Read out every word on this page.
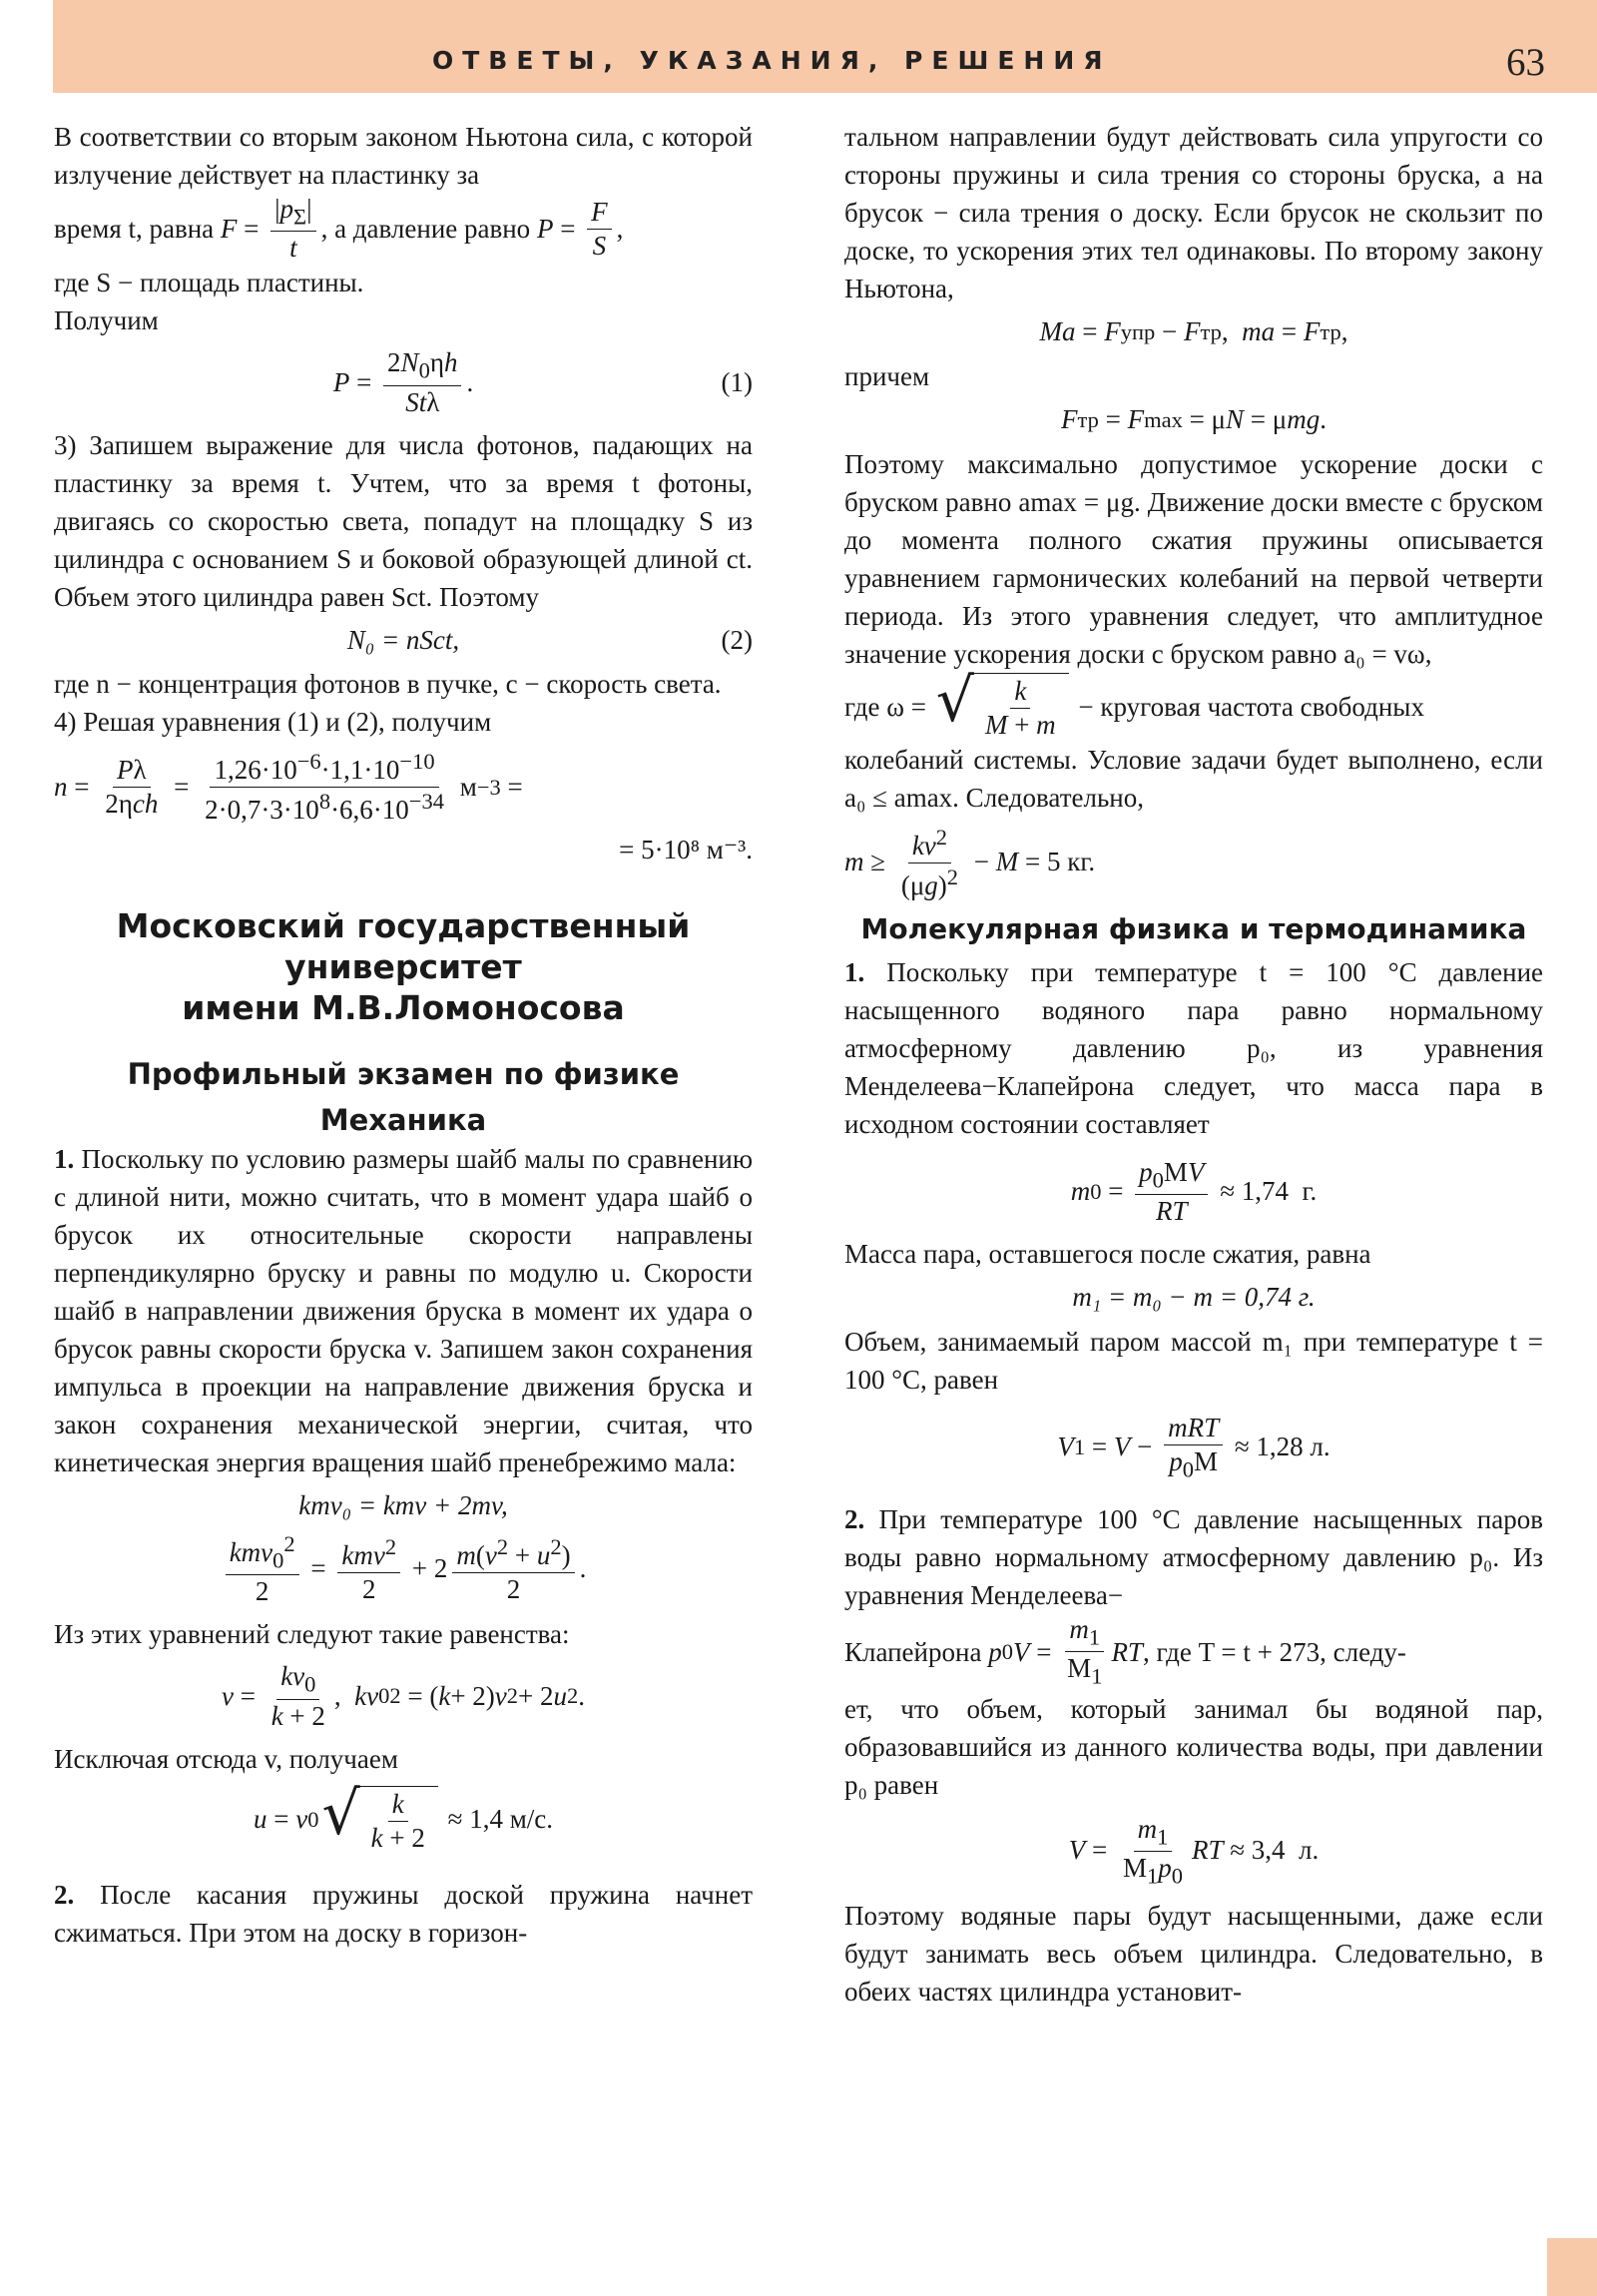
ОТВЕТЫ, УКАЗАНИЯ, РЕШЕНИЯ	63

В соответствии со вторым законом Ньютона сила, с которой излучение действует на пластинку за

время t, равна
$F = \frac{|p_\Sigma|}{t}$ , а давление равно
$P = \frac{F}{S}$ ,

где S − площадь пластины.

Получим

$P = \frac{2N_0\eta h}{\text{Stλ}}$ .	(1)

3) Запишем выражение для числа фотонов, падающих на пластинку за время t. Учтем, что за время t фотоны, двигаясь со скоростью света, попадут на площадку S из цилиндра с основанием S и боковой образующей длиной ct. Объем этого цилиндра равен Sct. Поэтому

N₀ = nSct,	(2)

где n − концентрация фотонов в пучке, c − скорость света.

4) Решая уравнения (1) и (2), получим

$n = \frac{P\lambda}{\text{2ηch}} = \frac{1,26\cdot 10^{-6}\cdot 1,1\cdot 10^{-10}}{2\cdot 0,7\cdot 3\cdot 10^8\cdot 6,6\cdot 10^{-34}}$ м −3 =
= 5·10⁸ м⁻³.
Московский государственный
университет
имени М.В.Ломоносова
Профильный экзамен по физике
Механика

1. Поскольку по условию размеры шайб малы по сравнению с длиной нити, можно считать, что в момент удара шайб о брусок их относительные скорости направлены перпендикулярно бруску и равны по модулю u. Скорости шайб в направлении движения бруска в момент их удара о брусок равны скорости бруска v. Запишем закон сохранения импульса в проекции на направление движения бруска и закон сохранения механической энергии, считая, что кинетическая энергия вращения шайб пренебрежимо мала:

kmv₀ = kmv + 2mv,
$\frac{kmv_0^2}{2} = \frac{kmv^2}{2} + 2 \frac{m(v^2 + u^2)}{2}$ .

Из этих уравнений следуют такие равенства:

$v = \frac{kv_0}{k + 2}$ , kv 0 2 = ( k + 2) v 2 + 2 u 2 .

Исключая отсюда v, получаем

u = v 0 √ $\frac{k}{k + 2} \approx 1,4$ м/с.

2. После касания пружины доской пружина начнет сжиматься. При этом на доску в горизон-

тальном направлении будут действовать сила упругости со стороны пружины и сила трения со стороны бруска, а на брусок − сила трения о доску. Если брусок не скользит по доске, то ускорения этих тел одинаковы. По второму закону Ньютона,

Ma = F упр − F тр , ma = F тр ,

причем

F тр = F max = μ N = μ mg .

Поэтому максимально допустимое ускорение доски с бруском равно amax = μg. Движение доски вместе с бруском до момента полного сжатия пружины описывается уравнением гармонических колебаний на первой четверти периода. Из этого уравнения следует, что амплитудное значение ускорения доски с бруском равно a₀ = vω,

где ω = √ $\frac{k}{M + m}$
− круговая частота свободных

колебаний системы. Условие задачи будет выполнено, если a₀ ≤ amax. Следовательно,

$m \ge \frac{kv^2}{(\mu g)^2} - M = 5$ кг.
Молекулярная физика и термодинамика

1. Поскольку при температуре t = 100 °C давление насыщенного водяного пара равно нормальному атмосферному давлению p₀, из уравнения Менделеева−Клапейрона следует, что масса пара в исходном состоянии составляет

m $0 = \frac{p_0MV}{RT} \approx 1,74$  г.

Масса пара, оставшегося после сжатия, равна

m₁ = m₀ − m = 0,74 г.

Объем, занимаемый паром массой m₁ при температуре t = 100 °C, равен

V $1 = V - \frac{\text{mRT}}{p_0M} \approx 1,28$ л.

2. При температуре 100 °C давление насыщенных паров воды равно нормальному атмосферному давлению p₀. Из уравнения Менделеева−

Клапейрона
p 0 $V = \frac{m_1}{M_1}$ RT , где T = t + 273, следу-

ет, что объем, который занимал бы водяной пар, образовавшийся из данного количества воды, при давлении p₀ равен

$V = \frac{m_1}{M_1p_0}$ RT ≈ 3,4  л.

Поэтому водяные пары будут насыщенными, даже если будут занимать весь объем цилиндра. Следовательно, в обеих частях цилиндра установит-
